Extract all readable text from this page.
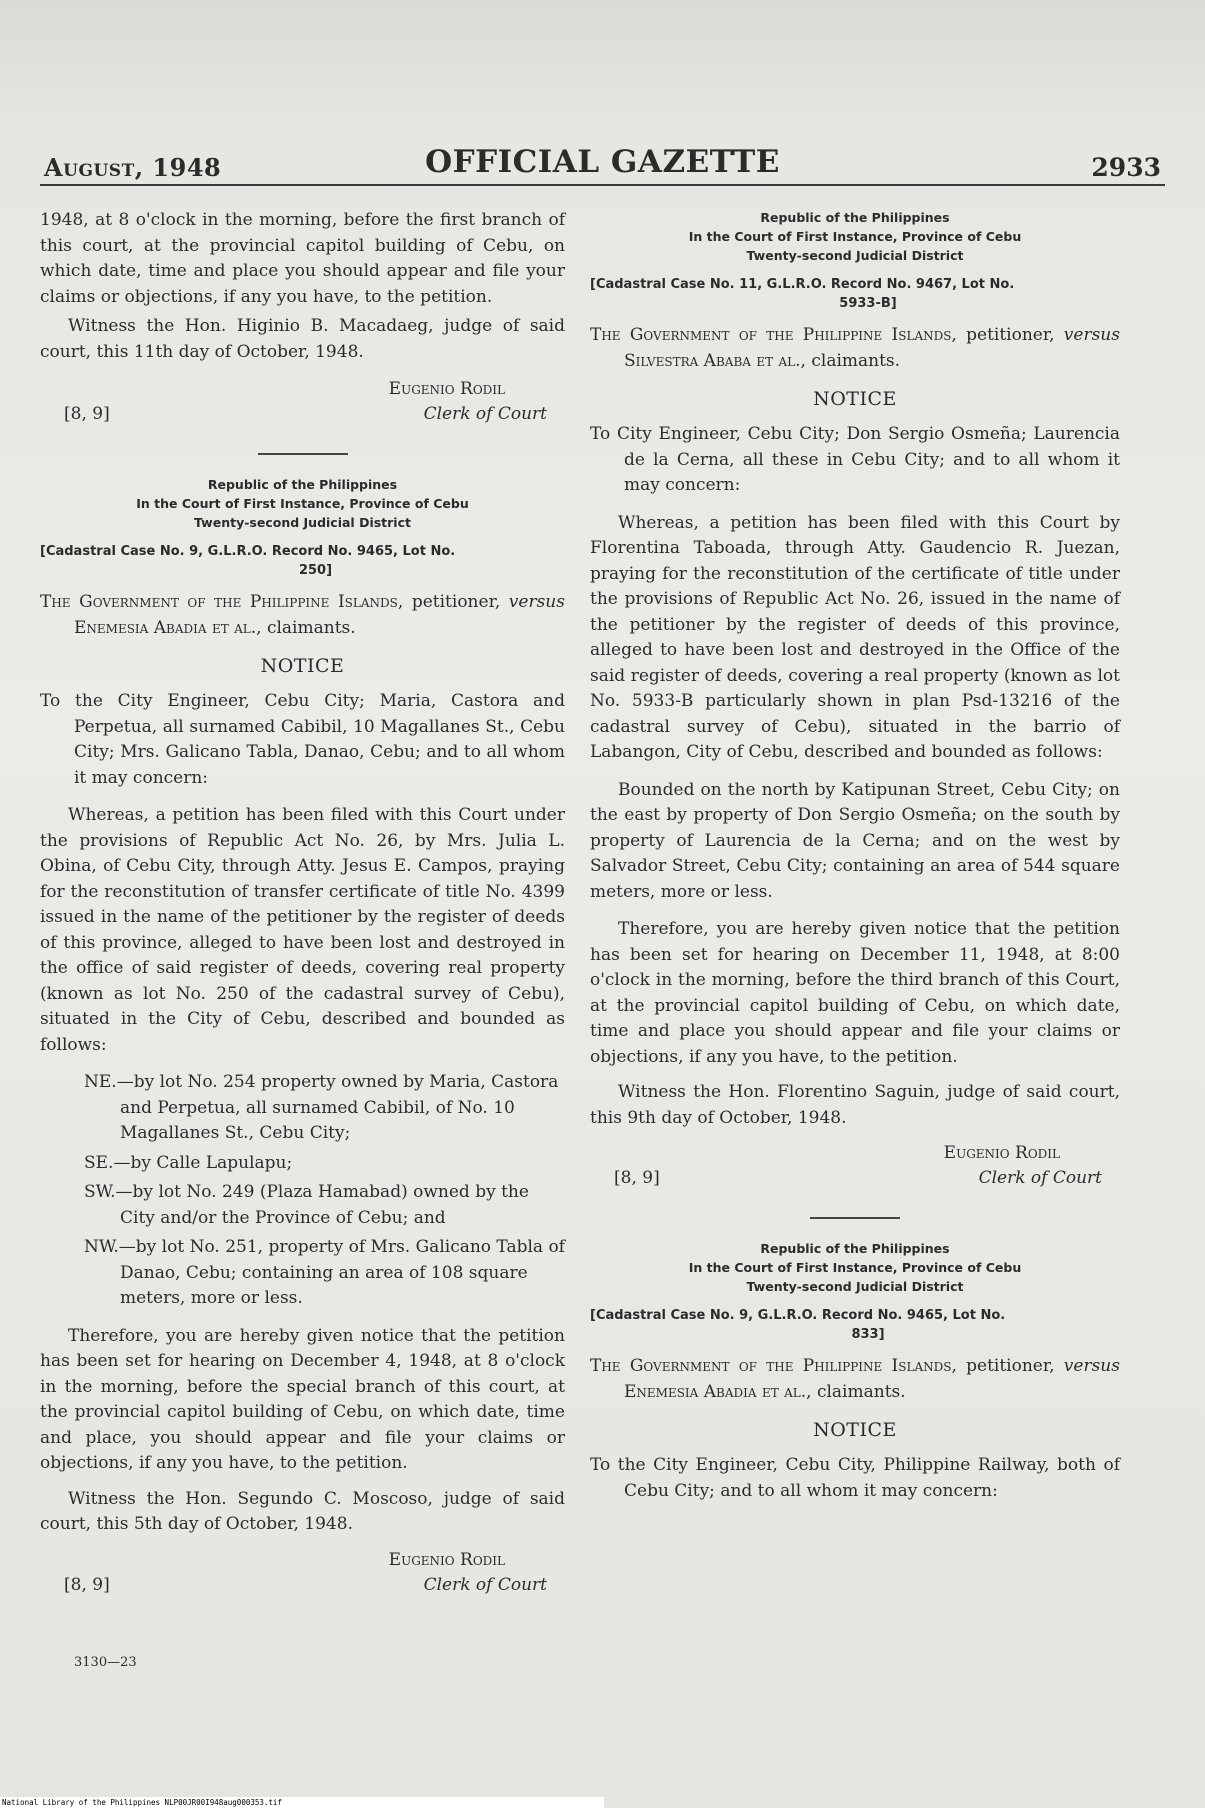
August, 1948	OFFICIAL GAZETTE	2933

1948, at 8 o'clock in the morning, before the first branch of this court, at the provincial capitol building of Cebu, on which date, time and place you should appear and file your claims or objections, if any you have, to the petition.

Witness the Hon. Higinio B. Macadaeg, judge of said court, this 11th day of October, 1948.

Eugenio Rodil
[8, 9]	Clerk of Court
Republic of the Philippines
In the Court of First Instance, Province of Cebu
Twenty-second Judicial District

[Cadastral Case No. 9, G.L.R.O. Record No. 9465, Lot No.
250]

The Government of the Philippine Islands, petitioner, versus Enemesia Abadia et al., claimants.

NOTICE

To the City Engineer, Cebu City; Maria, Castora and Perpetua, all surnamed Cabibil, 10 Magallanes St., Cebu City; Mrs. Galicano Tabla, Danao, Cebu; and to all whom it may concern:

Whereas, a petition has been filed with this Court under the provisions of Republic Act No. 26, by Mrs. Julia L. Obina, of Cebu City, through Atty. Jesus E. Campos, praying for the reconstitution of transfer certificate of title No. 4399 issued in the name of the petitioner by the register of deeds of this province, alleged to have been lost and destroyed in the office of said register of deeds, covering real property (known as lot No. 250 of the cadastral survey of Cebu), situated in the City of Cebu, described and bounded as follows:

NE.—by lot No. 254 property owned by Maria, Castora and Perpetua, all surnamed Cabibil, of No. 10 Magallanes St., Cebu City;

SE.—by Calle Lapulapu;

SW.—by lot No. 249 (Plaza Hamabad) owned by the City and/or the Province of Cebu; and

NW.—by lot No. 251, property of Mrs. Galicano Tabla of Danao, Cebu; containing an area of 108 square meters, more or less.

Therefore, you are hereby given notice that the petition has been set for hearing on December 4, 1948, at 8 o'clock in the morning, before the special branch of this court, at the provincial capitol building of Cebu, on which date, time and place, you should appear and file your claims or objections, if any you have, to the petition.

Witness the Hon. Segundo C. Moscoso, judge of said court, this 5th day of October, 1948.

Eugenio Rodil
[8, 9]	Clerk of Court
3130—23
Republic of the Philippines
In the Court of First Instance, Province of Cebu
Twenty-second Judicial District

[Cadastral Case No. 11, G.L.R.O. Record No. 9467, Lot No.
5933-B]

The Government of the Philippine Islands, petitioner, versus Silvestra Ababa et al., claimants.

NOTICE

To City Engineer, Cebu City; Don Sergio Osmeña; Laurencia de la Cerna, all these in Cebu City; and to all whom it may concern:

Whereas, a petition has been filed with this Court by Florentina Taboada, through Atty. Gaudencio R. Juezan, praying for the reconstitution of the certificate of title under the provisions of Republic Act No. 26, issued in the name of the petitioner by the register of deeds of this province, alleged to have been lost and destroyed in the Office of the said register of deeds, covering a real property (known as lot No. 5933-B particularly shown in plan Psd-13216 of the cadastral survey of Cebu), situated in the barrio of Labangon, City of Cebu, described and bounded as follows:

Bounded on the north by Katipunan Street, Cebu City; on the east by property of Don Sergio Osmeña; on the south by property of Laurencia de la Cerna; and on the west by Salvador Street, Cebu City; containing an area of 544 square meters, more or less.

Therefore, you are hereby given notice that the petition has been set for hearing on December 11, 1948, at 8:00 o'clock in the morning, before the third branch of this Court, at the provincial capitol building of Cebu, on which date, time and place you should appear and file your claims or objections, if any you have, to the petition.

Witness the Hon. Florentino Saguin, judge of said court, this 9th day of October, 1948.

Eugenio Rodil
[8, 9]	Clerk of Court
Republic of the Philippines
In the Court of First Instance, Province of Cebu
Twenty-second Judicial District

[Cadastral Case No. 9, G.L.R.O. Record No. 9465, Lot No.
833]

The Government of the Philippine Islands, petitioner, versus Enemesia Abadia et al., claimants.

NOTICE

To the City Engineer, Cebu City, Philippine Railway, both of Cebu City; and to all whom it may concern:

National Library of the Philippines NLP00JR00I948aug000353.tif
